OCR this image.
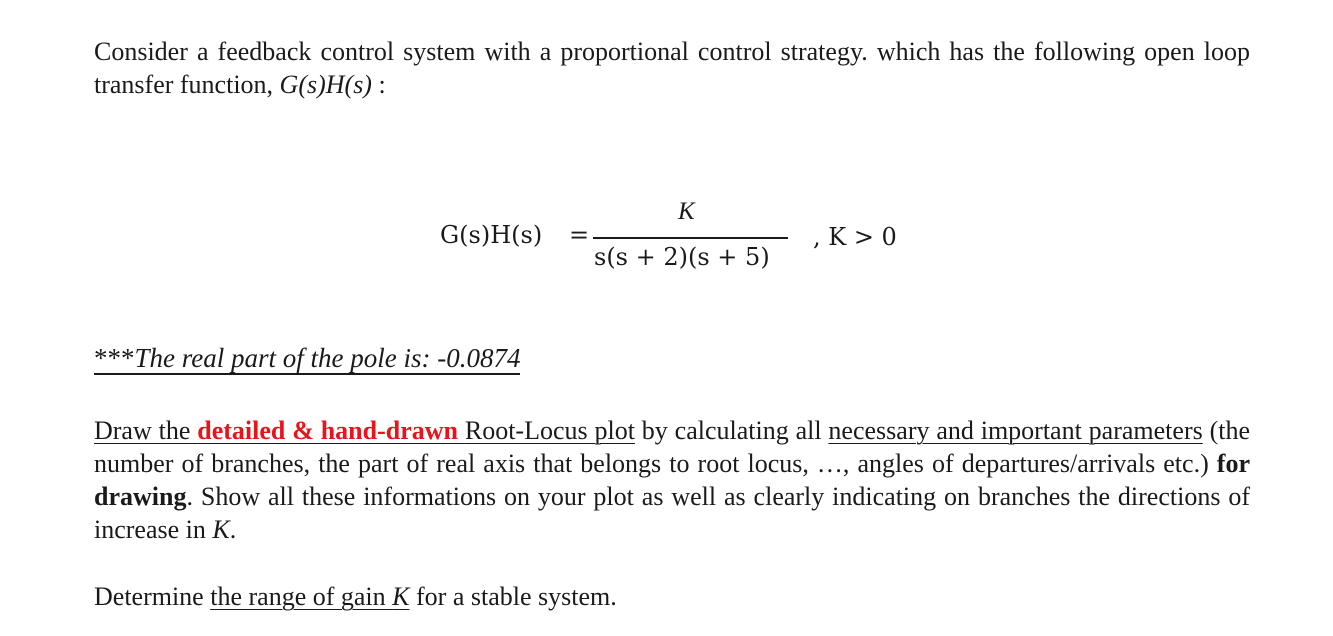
Consider a feedback control system with a proportional control strategy. which has the following open loop transfer function, G(s)H(s) :

G(s)H(s) =
K
s(s + 2)(s + 5)
, K > 0
***The real part of the pole is: -0.0874

Draw the detailed & hand-drawn Root-Locus plot by calculating all necessary and important parameters (the number of branches, the part of real axis that belongs to root locus, …, angles of departures/arrivals etc.) for drawing. Show all these informations on your plot as well as clearly indicating on branches the directions of increase in K.

Determine the range of gain K for a stable system.
